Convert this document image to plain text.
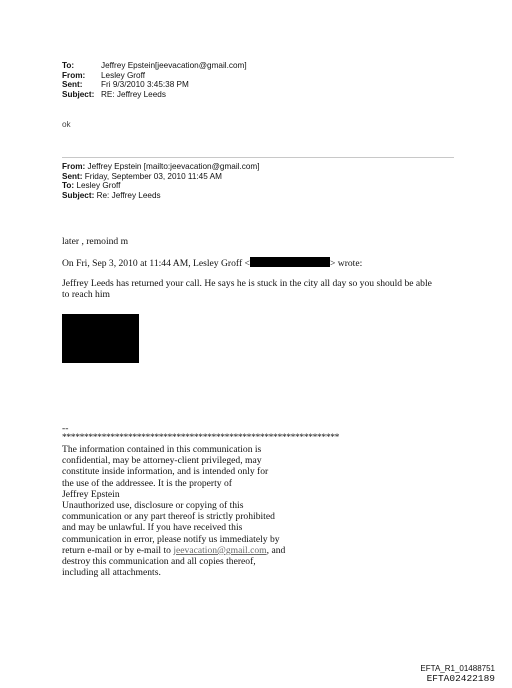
To:	Jeffrey Epstein[jeevacation@gmail.com]
From: Lesley Groff
Sent: Fri 9/3/2010 3:45:38 PM
Subject: RE: Jeffrey Leeds
ok
From: Jeffrey Epstein [mailto:jeevacation@gmail.com]
Sent: Friday, September 03, 2010 11:45 AM
To: Lesley Groff
Subject: Re: Jeffrey Leeds
later , remoind m
On Fri, Sep 3, 2010 at 11:44 AM, Lesley Groff <	> wrote:
Jeffrey Leeds has returned your call. He says he is stuck in the city all day so you should be able
to reach him
--
***************************************************************
The information contained in this communication is
confidential, may be attorney-client privileged, may
constitute inside information, and is intended only for
the use of the addressee. It is the property of
Jeffrey Epstein
Unauthorized use, disclosure or copying of this
communication or any part thereof is strictly prohibited
and may be unlawful. If you have received this
communication in error, please notify us immediately by
return e-mail or by e-mail to jeevacation@gmail.com, and
destroy this communication and all copies thereof,
including all attachments.
EFTA_R1_01488751
EFTA02422189
